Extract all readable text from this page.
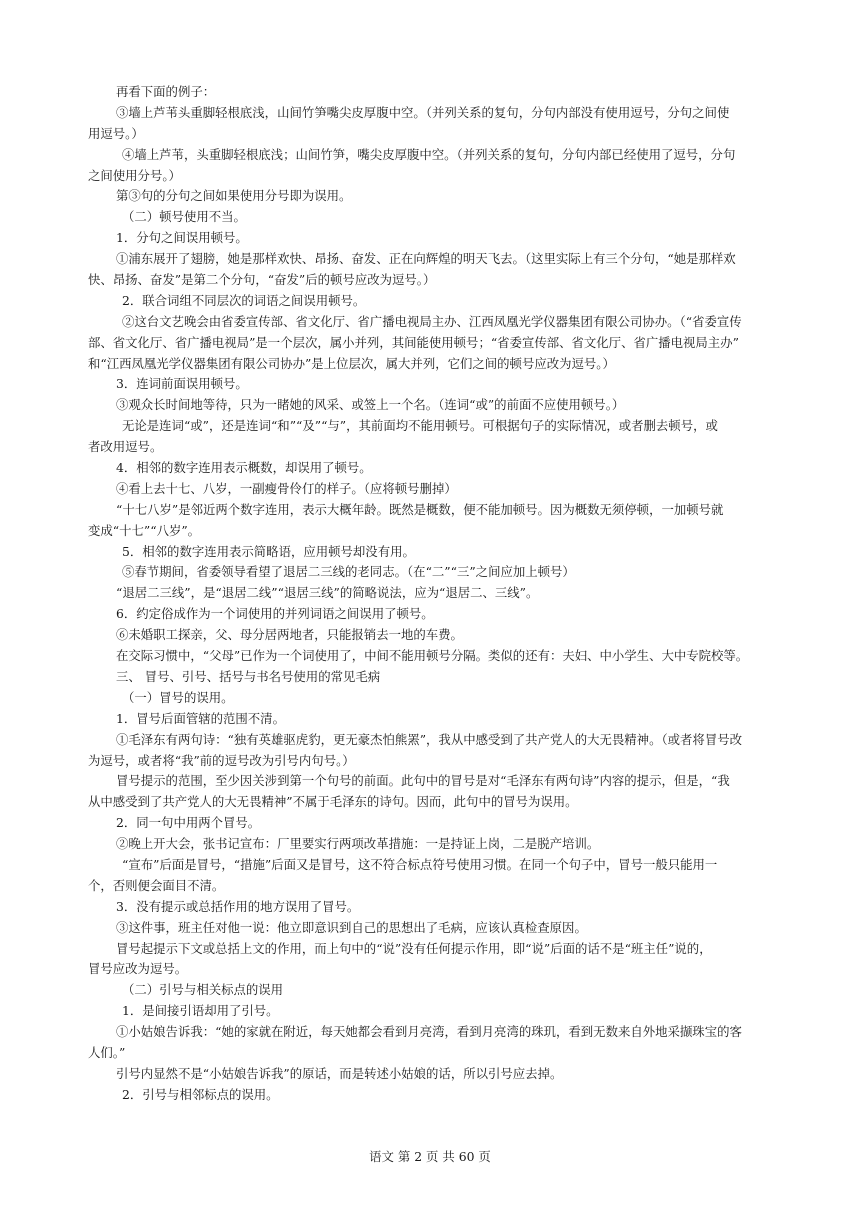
再看下面的例子：
③墙上芦苇头重脚轻根底浅，山间竹笋嘴尖皮厚腹中空。（并列关系的复句，分句内部没有使用逗号，分句之间使
用逗号。）
④墙上芦苇，头重脚轻根底浅；山间竹笋，嘴尖皮厚腹中空。（并列关系的复句，分句内部已经使用了逗号，分句
之间使用分号。）
第③句的分句之间如果使用分号即为误用。
（二）顿号使用不当。
1．分句之间误用顿号。
①浦东展开了翅膀，她是那样欢快、昂扬、奋发、正在向辉煌的明天飞去。（这里实际上有三个分句，“她是那样欢
快、昂扬、奋发”是第二个分句，“奋发”后的顿号应改为逗号。）
2．联合词组不同层次的词语之间误用顿号。
②这台文艺晚会由省委宣传部、省文化厅、省广播电视局主办、江西凤凰光学仪器集团有限公司协办。（“省委宣传
部、省文化厅、省广播电视局”是一个层次，属小并列，其间能使用顿号；“省委宣传部、省文化厅、省广播电视局主办”
和“江西凤凰光学仪器集团有限公司协办”是上位层次，属大并列，它们之间的顿号应改为逗号。）
3．连词前面误用顿号。
③观众长时间地等待，只为一睹她的风采、或签上一个名。（连词“或”的前面不应使用顿号。）
无论是连词“或”，还是连词“和”“及”“与”，其前面均不能用顿号。可根据句子的实际情况，或者删去顿号，或
者改用逗号。
4．相邻的数字连用表示概数，却误用了顿号。
④看上去十七、八岁，一副瘦骨伶仃的样子。（应将顿号删掉）
“十七八岁”是邻近两个数字连用，表示大概年龄。既然是概数，便不能加顿号。因为概数无须停顿，一加顿号就
变成“十七”“八岁”。
5．相邻的数字连用表示简略语，应用顿号却没有用。
⑤春节期间，省委领导看望了退居二三线的老同志。（在“二”“三”之间应加上顿号）
“退居二三线”，是“退居二线”“退居三线”的简略说法，应为“退居二、三线”。
6．约定俗成作为一个词使用的并列词语之间误用了顿号。
⑥未婚职工探亲，父、母分居两地者，只能报销去一地的车费。
在交际习惯中，“父母”已作为一个词使用了，中间不能用顿号分隔。类似的还有：夫妇、中小学生、大中专院校等。
三、 冒号、引号、括号与书名号使用的常见毛病
（一）冒号的误用。
1．冒号后面管辖的范围不清。
①毛泽东有两句诗：“独有英雄驱虎豹，更无豪杰怕熊罴”，我从中感受到了共产党人的大无畏精神。（或者将冒号改
为逗号，或者将“我”前的逗号改为引号内句号。）
冒号提示的范围，至少因关涉到第一个句号的前面。此句中的冒号是对“毛泽东有两句诗”内容的提示，但是，“我
从中感受到了共产党人的大无畏精神”不属于毛泽东的诗句。因而，此句中的冒号为误用。
2．同一句中用两个冒号。
②晚上开大会，张书记宣布：厂里要实行两项改革措施：一是持证上岗，二是脱产培训。
“宣布”后面是冒号，“措施”后面又是冒号，这不符合标点符号使用习惯。在同一个句子中，冒号一般只能用一
个，否则便会面目不清。
3．没有提示或总括作用的地方误用了冒号。
③这件事，班主任对他一说：他立即意识到自己的思想出了毛病，应该认真检查原因。
冒号起提示下文或总括上文的作用，而上句中的“说”没有任何提示作用，即“说”后面的话不是“班主任”说的，
冒号应改为逗号。
（二）引号与相关标点的误用
1．是间接引语却用了引号。
①小姑娘告诉我：“她的家就在附近，每天她都会看到月亮湾，看到月亮湾的珠玑，看到无数来自外地采撷珠宝的客
人们。”
引号内显然不是“小姑娘告诉我”的原话，而是转述小姑娘的话，所以引号应去掉。
2．引号与相邻标点的误用。
语文 第 2 页 共 60 页
